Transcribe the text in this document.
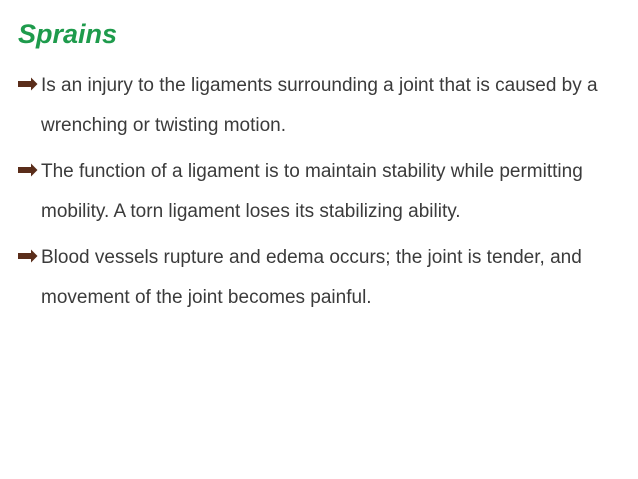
Sprains
Is an injury to the ligaments surrounding a joint that is caused by a wrenching or twisting motion.
The function of a ligament is to maintain stability while permitting mobility. A torn ligament loses its stabilizing ability.
Blood vessels rupture and edema occurs; the joint is tender, and movement of the joint becomes painful.
